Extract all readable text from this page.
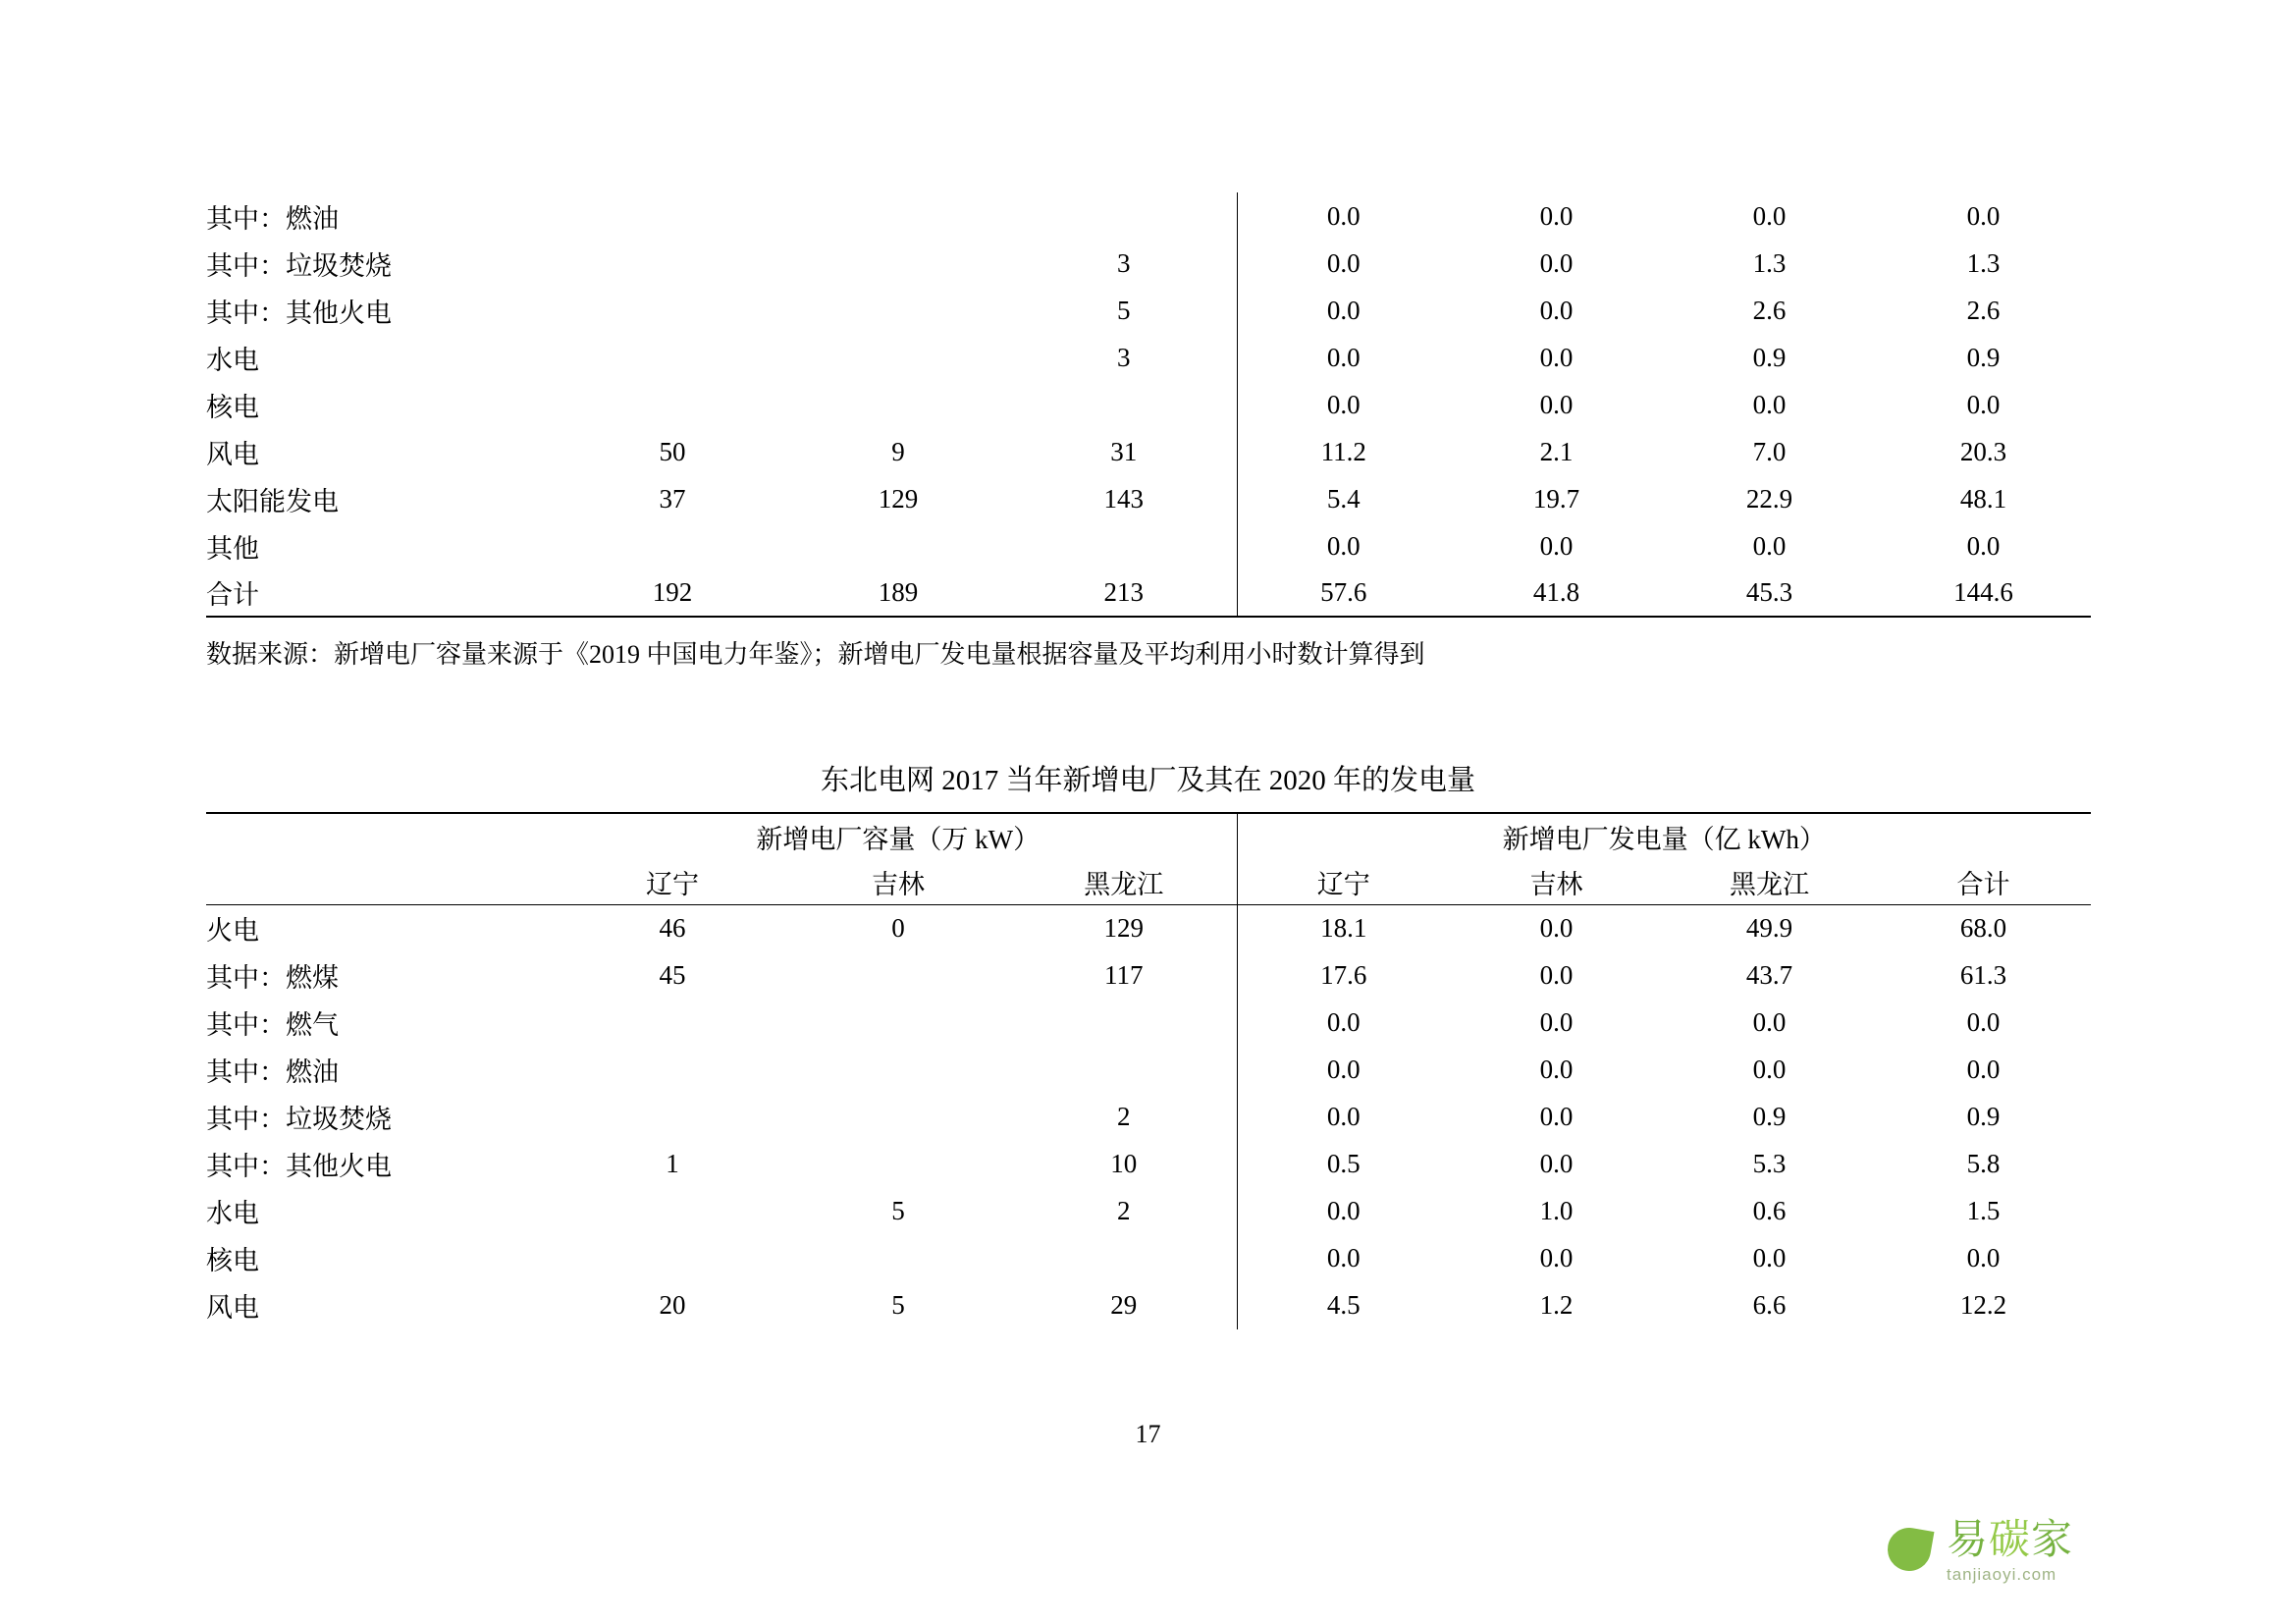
其中：燃油				0.0	0.0	0.0	0.0
其中：垃圾焚烧			3	0.0	0.0	1.3	1.3
其中：其他火电			5	0.0	0.0	2.6	2.6
水电			3	0.0	0.0	0.9	0.9
核电				0.0	0.0	0.0	0.0
风电	50	9	31	11.2	2.1	7.0	20.3
太阳能发电	37	129	143	5.4	19.7	22.9	48.1
其他				0.0	0.0	0.0	0.0
合计	192	189	213	57.6	41.8	45.3	144.6
数据来源：新增电厂容量来源于《2019 中国电力年鉴》；新增电厂发电量根据容量及平均利用小时数计算得到
东北电网 2017 当年新增电厂及其在 2020 年的发电量
	新增电厂容量（万 kW）			新增电厂发电量（亿 kWh）			
	辽宁	吉林	黑龙江	辽宁	吉林	黑龙江	合计
火电	46	0	129	18.1	0.0	49.9	68.0
其中：燃煤	45		117	17.6	0.0	43.7	61.3
其中：燃气				0.0	0.0	0.0	0.0
其中：燃油				0.0	0.0	0.0	0.0
其中：垃圾焚烧			2	0.0	0.0	0.9	0.9
其中：其他火电	1		10	0.5	0.0	5.3	5.8
水电		5	2	0.0	1.0	0.6	1.5
核电				0.0	0.0	0.0	0.0
风电	20	5	29	4.5	1.2	6.6	12.2
17
易碳家
tanjiaoyi.com
